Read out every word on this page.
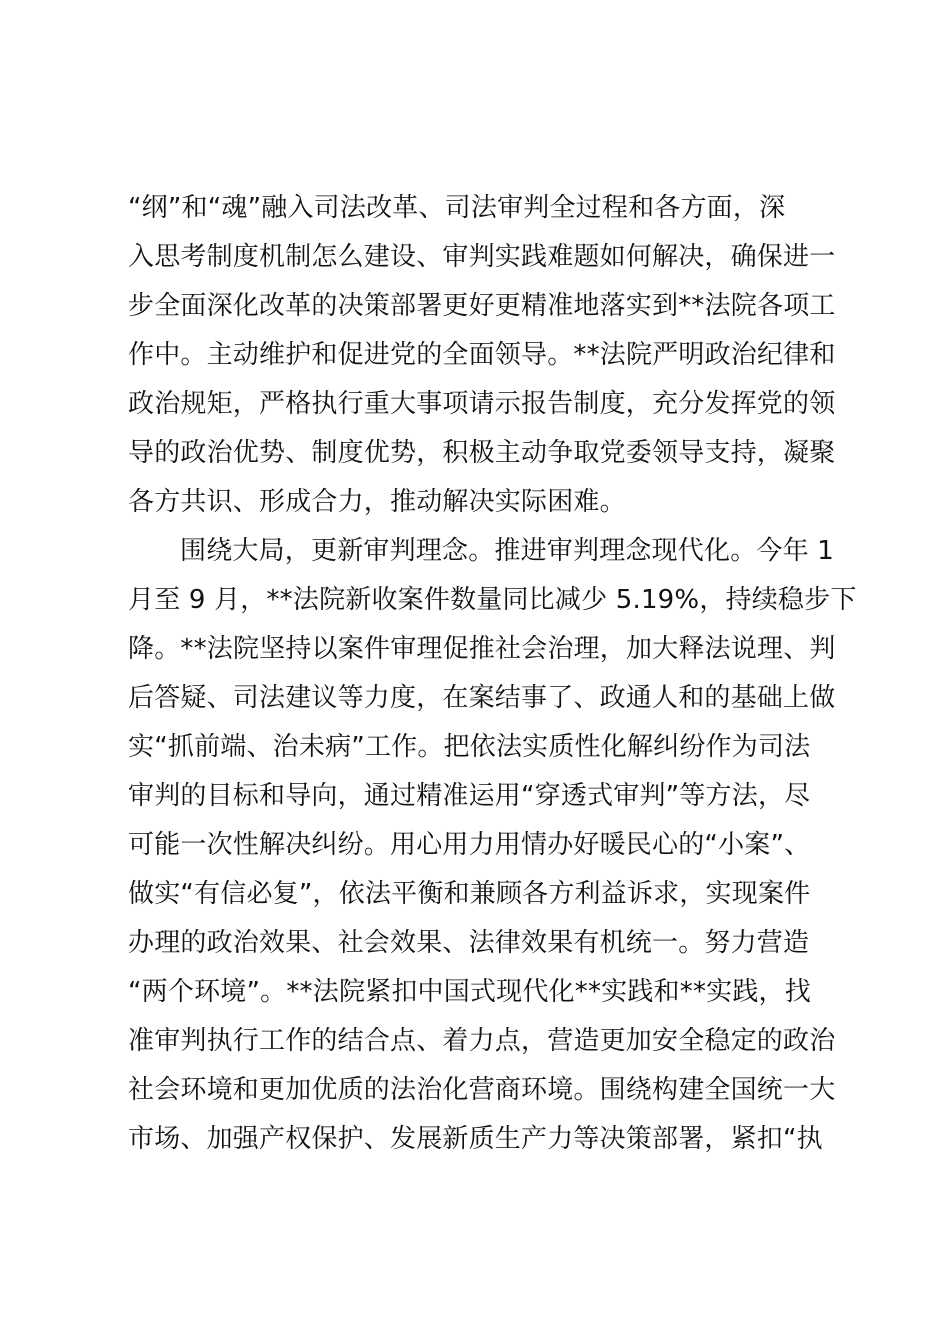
“纲”和“魂”融入司法改革、司法审判全过程和各方面，深
入思考制度机制怎么建设、审判实践难题如何解决，确保进一
步全面深化改革的决策部署更好更精准地落实到**法院各项工
作中。主动维护和促进党的全面领导。**法院严明政治纪律和
政治规矩，严格执行重大事项请示报告制度，充分发挥党的领
导的政治优势、制度优势，积极主动争取党委领导支持，凝聚
各方共识、形成合力，推动解决实际困难。
围绕大局，更新审判理念。推进审判理念现代化。今年 1
月至 9 月，**法院新收案件数量同比减少 5.19%，持续稳步下
降。**法院坚持以案件审理促推社会治理，加大释法说理、判
后答疑、司法建议等力度，在案结事了、政通人和的基础上做
实“抓前端、治未病”工作。把依法实质性化解纠纷作为司法
审判的目标和导向，通过精准运用“穿透式审判”等方法，尽
可能一次性解决纠纷。用心用力用情办好暖民心的“小案”、
做实“有信必复”，依法平衡和兼顾各方利益诉求，实现案件
办理的政治效果、社会效果、法律效果有机统一。努力营造
“两个环境”。**法院紧扣中国式现代化**实践和**实践，找
准审判执行工作的结合点、着力点，营造更加安全稳定的政治
社会环境和更加优质的法治化营商环境。围绕构建全国统一大
市场、加强产权保护、发展新质生产力等决策部署，紧扣“执
